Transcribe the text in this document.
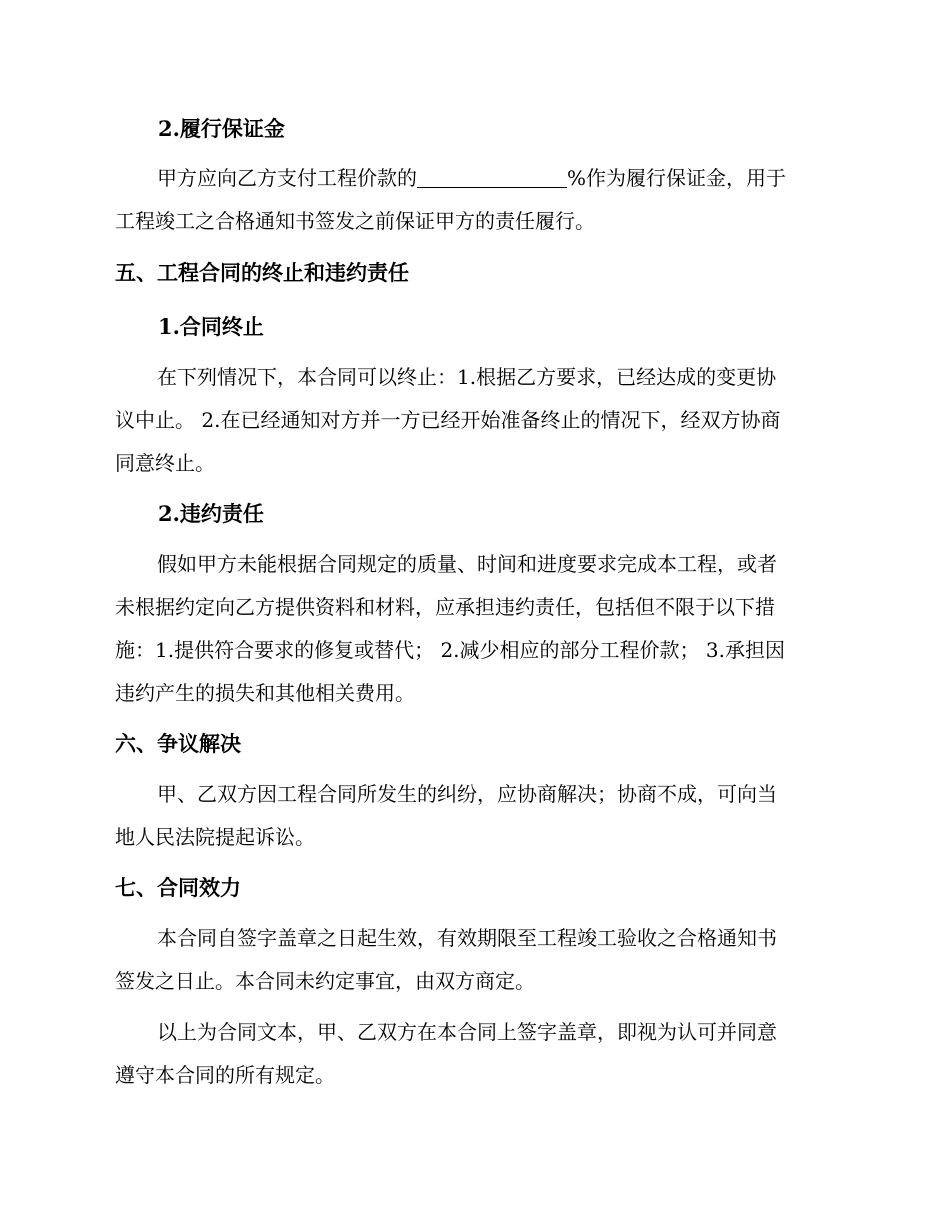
2.履行保证金
甲方应向乙方支付工程价款的	%作为履行保证金，用于
工程竣工之合格通知书签发之前保证甲方的责任履行。
五、工程合同的终止和违约责任
1.合同终止
在下列情况下，本合同可以终止：1.根据乙方要求，已经达成的变更协
议中止。 2.在已经通知对方并一方已经开始准备终止的情况下，经双方协商
同意终止。
2.违约责任
假如甲方未能根据合同规定的质量、时间和进度要求完成本工程，或者
未根据约定向乙方提供资料和材料，应承担违约责任，包括但不限于以下措
施：1.提供符合要求的修复或替代； 2.减少相应的部分工程价款； 3.承担因
违约产生的损失和其他相关费用。
六、争议解决
甲、乙双方因工程合同所发生的纠纷，应协商解决；协商不成，可向当
地人民法院提起诉讼。
七、合同效力
本合同自签字盖章之日起生效，有效期限至工程竣工验收之合格通知书
签发之日止。本合同未约定事宜，由双方商定。
以上为合同文本，甲、乙双方在本合同上签字盖章，即视为认可并同意
遵守本合同的所有规定。
